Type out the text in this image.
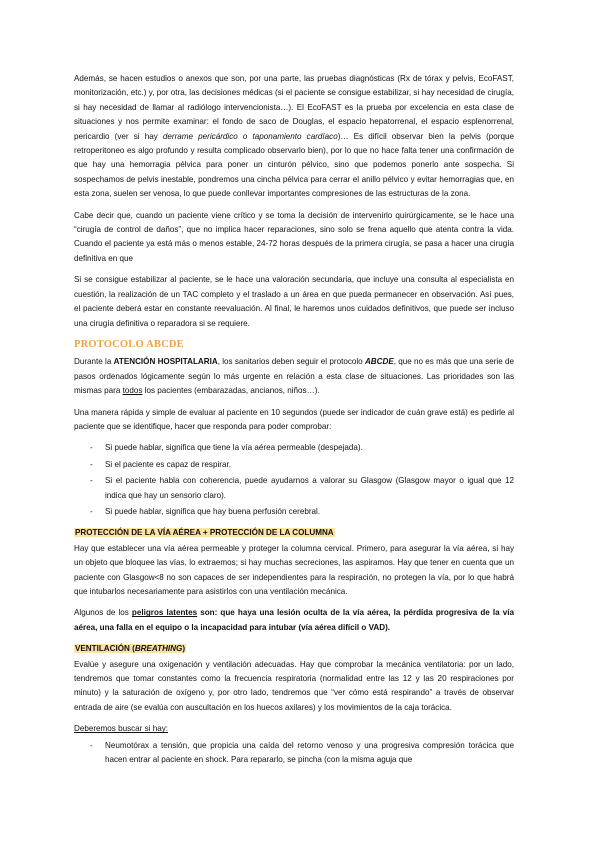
Además, se hacen estudios o anexos que son, por una parte, las pruebas diagnósticas (Rx de tórax y pelvis, EcoFAST, monitorización, etc.) y, por otra, las decisiones médicas (si el paciente se consigue estabilizar, si hay necesidad de cirugía, si hay necesidad de llamar al radiólogo intervencionista…). El EcoFAST es la prueba por excelencia en esta clase de situaciones y nos permite examinar: el fondo de saco de Douglas, el espacio hepatorrenal, el espacio esplenorrenal, pericardio (ver si hay derrame pericárdico o taponamiento cardíaco)… Es difícil observar bien la pelvis (porque retroperitoneo es algo profundo y resulta complicado observarlo bien), por lo que no hace falta tener una confirmación de que hay una hemorragia pélvica para poner un cinturón pélvico, sino que podemos ponerlo ante sospecha. Si sospechamos de pelvis inestable, pondremos una cincha pélvica para cerrar el anillo pélvico y evitar hemorragias que, en esta zona, suelen ser venosa, lo que puede conllevar importantes compresiones de las estructuras de la zona.

Cabe decir que, cuando un paciente viene crítico y se toma la decisión de intervenirlo quirúrgicamente, se le hace una “cirugía de control de daños”, que no implica hacer reparaciones, sino solo se frena aquello que atenta contra la vida. Cuando el paciente ya está más o menos estable, 24-72 horas después de la primera cirugía, se pasa a hacer una cirugía definitiva en que

Si se consigue estabilizar al paciente, se le hace una valoración secundaria, que incluye una consulta al especialista en cuestión, la realización de un TAC completo y el traslado a un área en que pueda permanecer en observación. Así pues, el paciente deberá estar en constante reevaluación. Al final, le haremos unos cuidados definitivos, que puede ser incluso una cirugía definitiva o reparadora si se requiere.

PROTOCOLO ABCDE

Durante la ATENCIÓN HOSPITALARIA, los sanitarios deben seguir el protocolo ABCDE, que no es más que una serie de pasos ordenados lógicamente según lo más urgente en relación a esta clase de situaciones. Las prioridades son las mismas para todos los pacientes (embarazadas, ancianos, niños…).

Una manera rápida y simple de evaluar al paciente en 10 segundos (puede ser indicador de cuán grave está) es pedirle al paciente que se identifique, hacer que responda para poder comprobar:

- Si puede hablar, significa que tiene la vía aérea permeable (despejada).
- Si el paciente es capaz de respirar.
- Si el paciente habla con coherencia, puede ayudarnos a valorar su Glasgow (Glasgow mayor o igual que 12 indica que hay un sensorio claro).
- Si puede hablar, significa que hay buena perfusión cerebral.
PROTECCIÓN DE LA VÍA AÉREA + PROTECCIÓN DE LA COLUMNA

Hay que establecer una vía aérea permeable y proteger la columna cervical. Primero, para asegurar la vía aérea, si hay un objeto que bloquee las vías, lo extraemos; si hay muchas secreciones, las aspiramos. Hay que tener en cuenta que un paciente con Glasgow<8 no son capaces de ser independientes para la respiración, no protegen la vía, por lo que habrá que intubarlos necesariamente para asistirlos con una ventilación mecánica.

Algunos de los peligros latentes son: que haya una lesión oculta de la vía aérea, la pérdida progresiva de la vía aérea, una falla en el equipo o la incapacidad para intubar (vía aérea difícil o VAD).

VENTILACIÓN (BREATHING)

Evalúe y asegure una oxigenación y ventilación adecuadas. Hay que comprobar la mecánica ventilatoria: por un lado, tendremos que tomar constantes como la frecuencia respiratoria (normalidad entre las 12 y las 20 respiraciones por minuto) y la saturación de oxígeno y, por otro lado, tendremos que “ver cómo está respirando” a través de observar entrada de aire (se evalúa con auscultación en los huecos axilares) y los movimientos de la caja torácica.

Deberemos buscar si hay:

- Neumotórax a tensión, que propicia una caída del retorno venoso y una progresiva compresión torácica que hacen entrar al paciente en shock. Para repararlo, se pincha (con la misma aguja que
